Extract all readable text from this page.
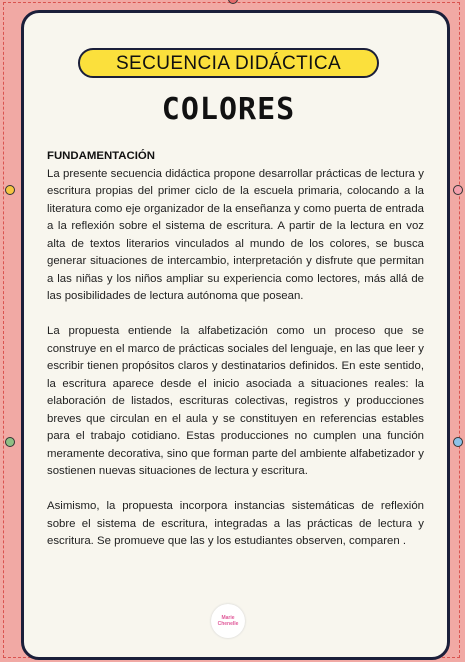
SECUENCIA DIDÁCTICA
COLORES
FUNDAMENTACIÓN

La presente secuencia didáctica propone desarrollar prácticas de lectura y escritura propias del primer ciclo de la escuela primaria, colocando a la literatura como eje organizador de la enseñanza y como puerta de entrada a la reflexión sobre el sistema de escritura. A partir de la lectura en voz alta de textos literarios vinculados al mundo de los colores, se busca generar situaciones de intercambio, interpretación y disfrute que permitan a las niñas y los niños ampliar su experiencia como lectores, más allá de las posibilidades de lectura autónoma que posean.

La propuesta entiende la alfabetización como un proceso que se construye en el marco de prácticas sociales del lenguaje, en las que leer y escribir tienen propósitos claros y destinatarios definidos. En este sentido, la escritura aparece desde el inicio asociada a situaciones reales: la elaboración de listados, escrituras colectivas, registros y producciones breves que circulan en el aula y se constituyen en referencias estables para el trabajo cotidiano. Estas producciones no cumplen una función meramente decorativa, sino que forman parte del ambiente alfabetizador y sostienen nuevas situaciones de lectura y escritura.

Asimismo, la propuesta incorpora instancias sistemáticas de reflexión sobre el sistema de escritura, integradas a las prácticas de lectura y escritura. Se promueve que las y los estudiantes observen, comparen .

Marie Chenelle
